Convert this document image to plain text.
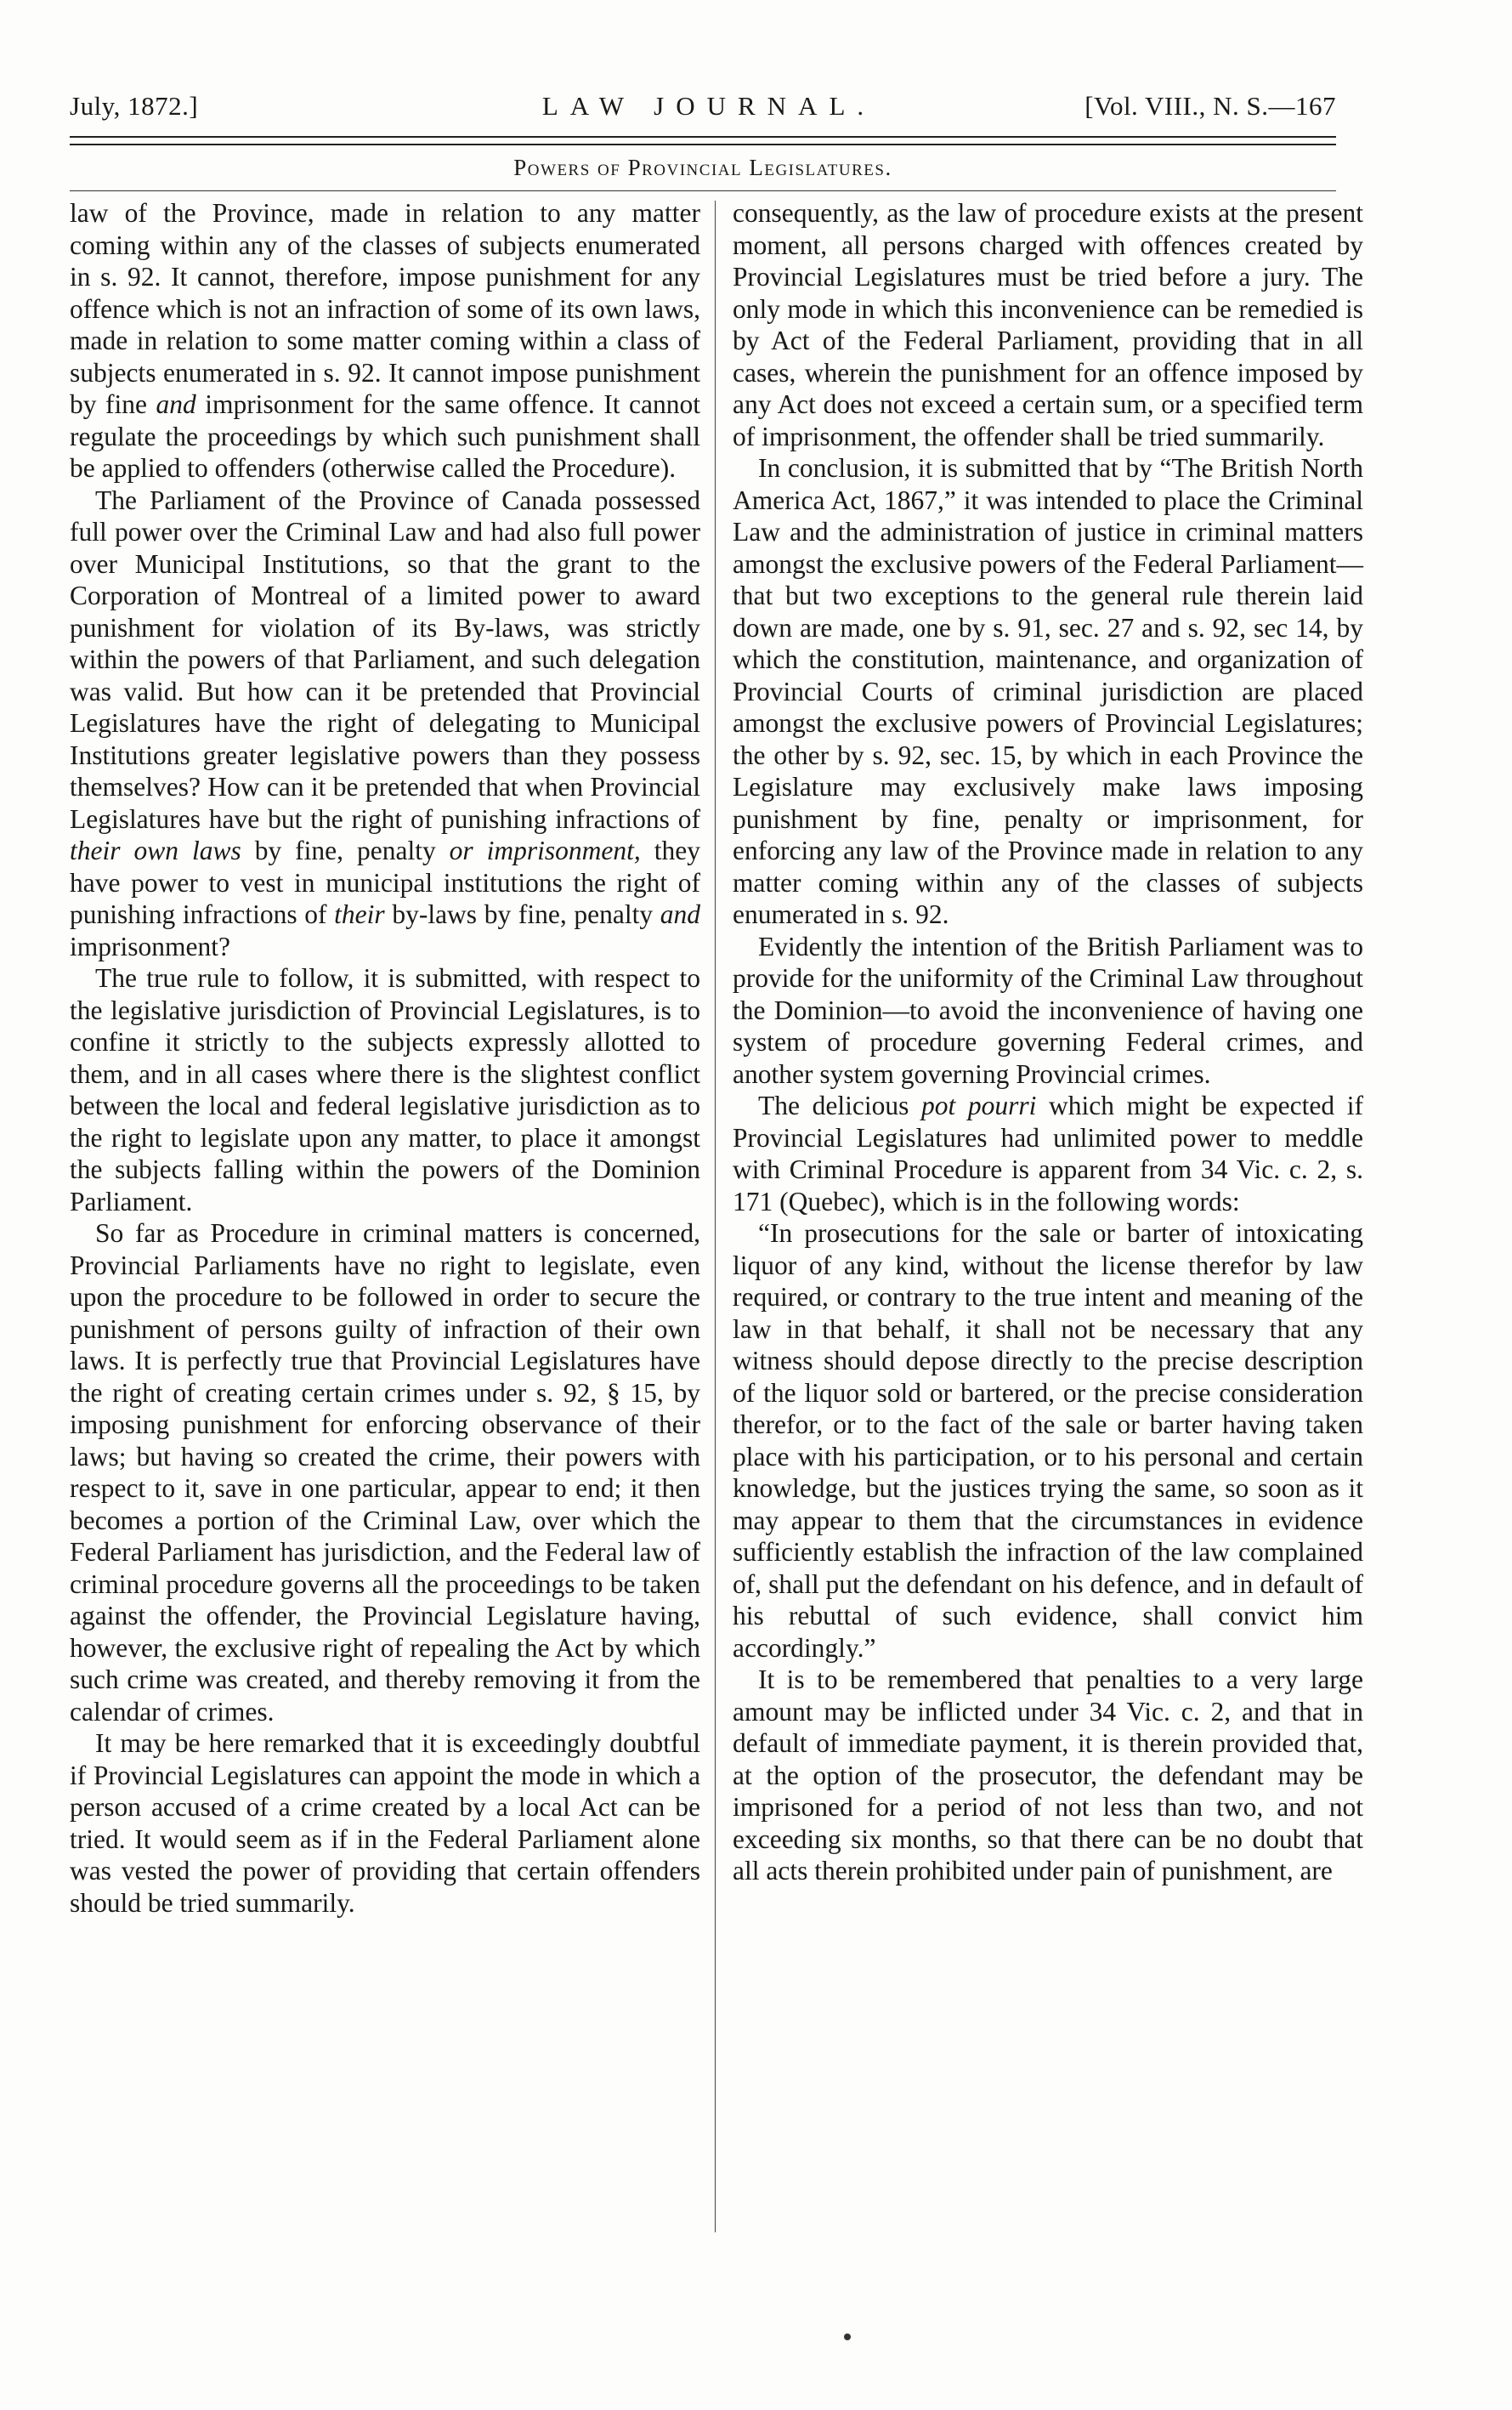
July, 1872.]	LAW JOURNAL.	[Vol. VIII., N. S.—167
Powers of Provincial Legislatures.

law of the Province, made in relation to any matter coming within any of the classes of subjects enumerated in s. 92. It cannot, therefore, impose punishment for any offence which is not an infraction of some of its own laws, made in relation to some matter coming within a class of subjects enumerated in s. 92. It cannot impose punishment by fine and imprisonment for the same offence. It cannot regulate the proceedings by which such punishment shall be applied to offenders (otherwise called the Procedure).

The Parliament of the Province of Canada possessed full power over the Criminal Law and had also full power over Municipal Institutions, so that the grant to the Corporation of Montreal of a limited power to award punishment for violation of its By-laws, was strictly within the powers of that Parliament, and such delegation was valid. But how can it be pretended that Provincial Legislatures have the right of delegating to Municipal Institutions greater legislative powers than they possess themselves? How can it be pretended that when Provincial Legislatures have but the right of punishing infractions of their own laws by fine, penalty or imprisonment, they have power to vest in municipal institutions the right of punishing infractions of their by-laws by fine, penalty and imprisonment?

The true rule to follow, it is submitted, with respect to the legislative jurisdiction of Provincial Legislatures, is to confine it strictly to the subjects expressly allotted to them, and in all cases where there is the slightest conflict between the local and federal legislative jurisdiction as to the right to legislate upon any matter, to place it amongst the subjects falling within the powers of the Dominion Parliament.

So far as Procedure in criminal matters is concerned, Provincial Parliaments have no right to legislate, even upon the procedure to be followed in order to secure the punishment of persons guilty of infraction of their own laws. It is perfectly true that Provincial Legislatures have the right of creating certain crimes under s. 92, § 15, by imposing punishment for enforcing observance of their laws; but having so created the crime, their powers with respect to it, save in one particular, appear to end; it then becomes a portion of the Criminal Law, over which the Federal Parliament has jurisdiction, and the Federal law of criminal procedure governs all the proceedings to be taken against the offender, the Provincial Legislature having, however, the exclusive right of repealing the Act by which such crime was created, and thereby removing it from the calendar of crimes.

It may be here remarked that it is exceedingly doubtful if Provincial Legislatures can appoint the mode in which a person accused of a crime created by a local Act can be tried. It would seem as if in the Federal Parliament alone was vested the power of providing that certain offenders should be tried summarily.

consequently, as the law of procedure exists at the present moment, all persons charged with offences created by Provincial Legislatures must be tried before a jury. The only mode in which this inconvenience can be remedied is by Act of the Federal Parliament, providing that in all cases, wherein the punishment for an offence imposed by any Act does not exceed a certain sum, or a specified term of imprisonment, the offender shall be tried summarily.

In conclusion, it is submitted that by “The British North America Act, 1867,” it was intended to place the Criminal Law and the administration of justice in criminal matters amongst the exclusive powers of the Federal Parliament—that but two exceptions to the general rule therein laid down are made, one by s. 91, sec. 27 and s. 92, sec 14, by which the constitution, maintenance, and organization of Provincial Courts of criminal jurisdiction are placed amongst the exclusive powers of Provincial Legislatures; the other by s. 92, sec. 15, by which in each Province the Legislature may exclusively make laws imposing punishment by fine, penalty or imprisonment, for enforcing any law of the Province made in relation to any matter coming within any of the classes of subjects enumerated in s. 92.

Evidently the intention of the British Parliament was to provide for the uniformity of the Criminal Law throughout the Dominion—to avoid the inconvenience of having one system of procedure governing Federal crimes, and another system governing Provincial crimes.

The delicious pot pourri which might be expected if Provincial Legislatures had unlimited power to meddle with Criminal Procedure is apparent from 34 Vic. c. 2, s. 171 (Quebec), which is in the following words:

“In prosecutions for the sale or barter of intoxicating liquor of any kind, without the license therefor by law required, or contrary to the true intent and meaning of the law in that behalf, it shall not be necessary that any witness should depose directly to the precise description of the liquor sold or bartered, or the precise consideration therefor, or to the fact of the sale or barter having taken place with his participation, or to his personal and certain knowledge, but the justices trying the same, so soon as it may appear to them that the circumstances in evidence sufficiently establish the infraction of the law complained of, shall put the defendant on his defence, and in default of his rebuttal of such evidence, shall convict him accordingly.”

It is to be remembered that penalties to a very large amount may be inflicted under 34 Vic. c. 2, and that in default of immediate payment, it is therein provided that, at the option of the prosecutor, the defendant may be imprisoned for a period of not less than two, and not exceeding six months, so that there can be no doubt that all acts therein prohibited under pain of punishment, are
